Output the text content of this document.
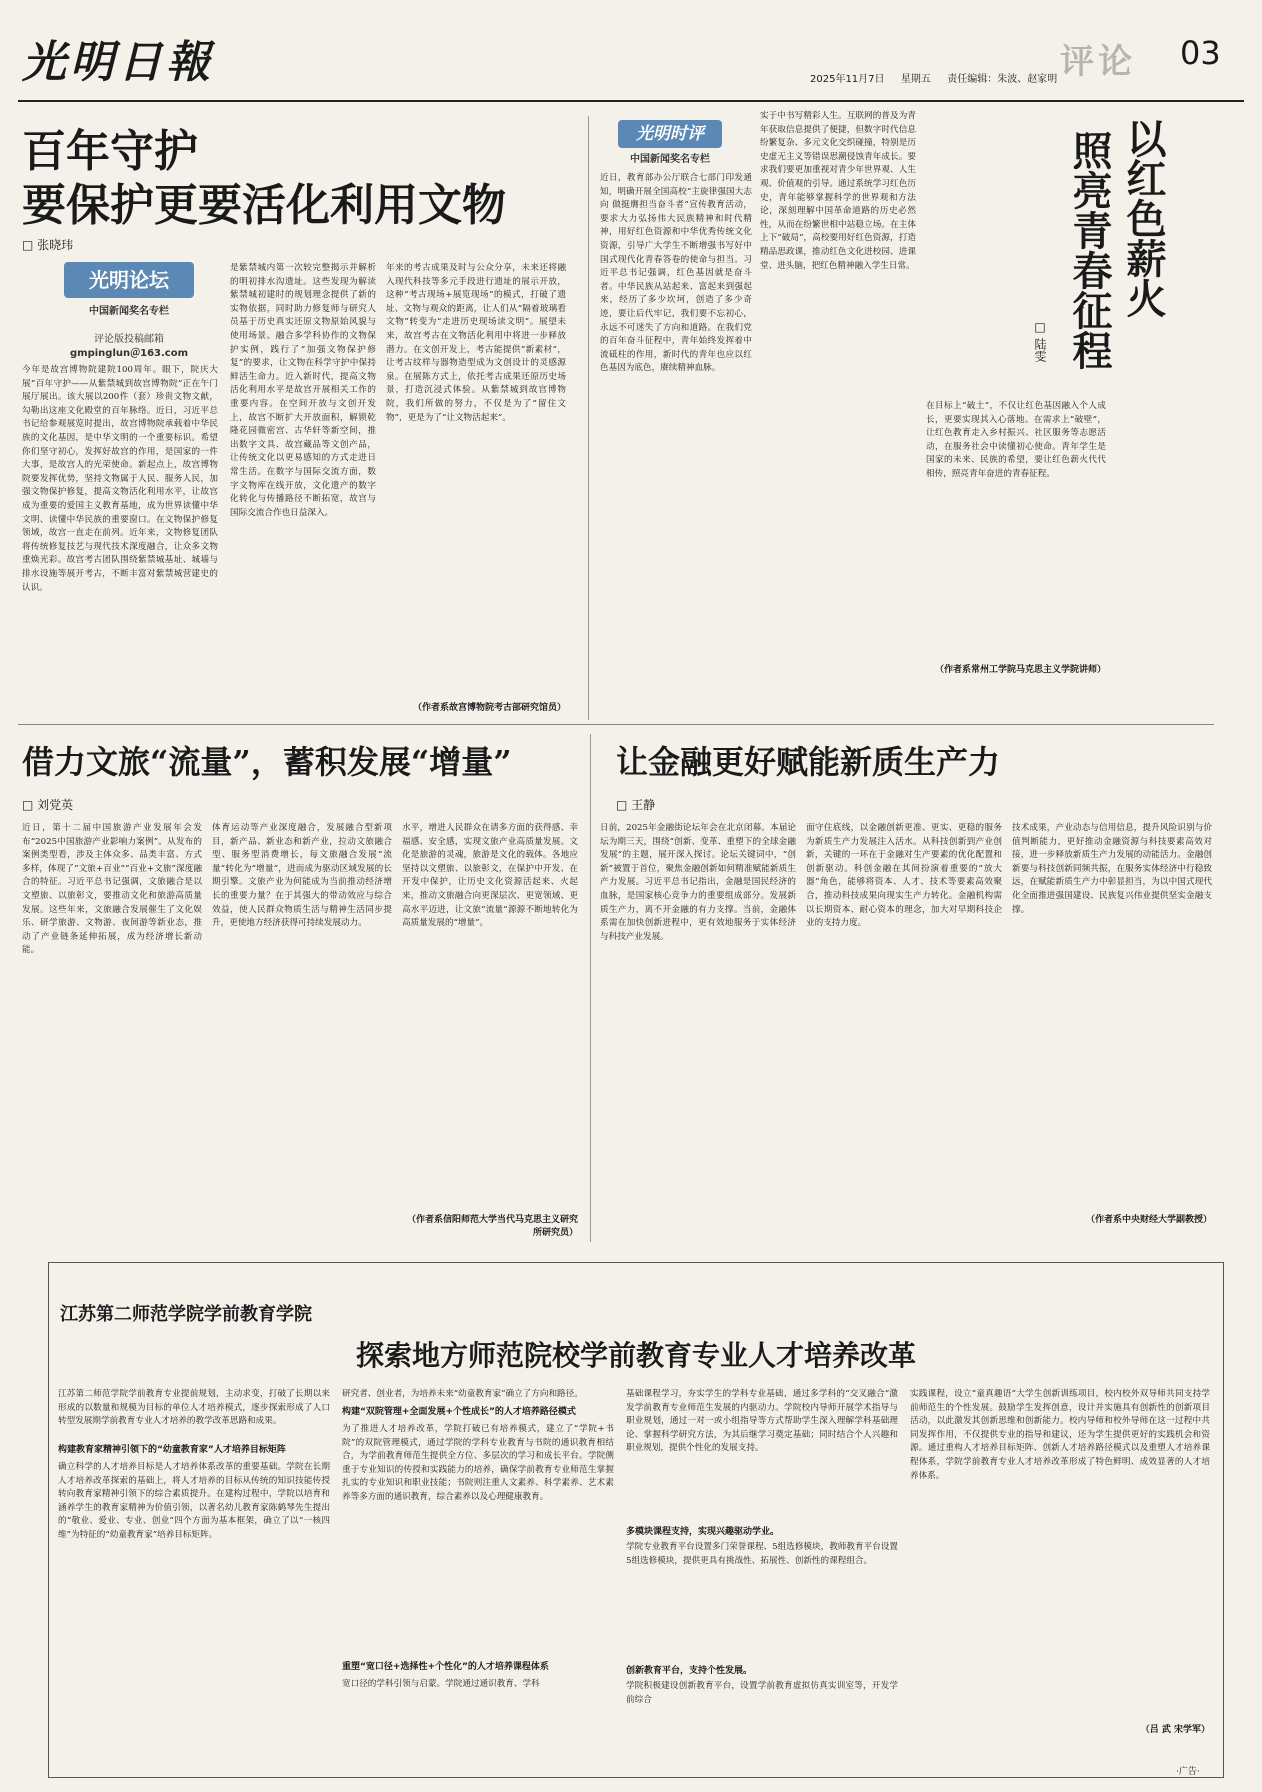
光明日報	2025年11月7日 　 星期五 　 责任编辑：朱波、赵家明 评论 03
百年守护
要保护更要活化利用文物
□ 张晓玮
光明论坛
中国新闻奖名专栏
评论版投稿邮箱
gmpinglun＠163.com
今年是故宫博物院建院100周年。眼下，院庆大展“百年守护——从紫禁城到故宫博物院”正在午门展厅展出。该大展以200件（套）珍贵文物文献，勾勒出这座文化殿堂的百年脉络。近日，习近平总书记给参观展览时提出，故宫博物院承载着中华民族的文化基因，是中华文明的一个重要标识。希望你们坚守初心，发挥好故宫的作用，是国家的一件大事，是故宫人的光荣使命。新起点上，故宫博物院要发挥优势，坚持文物属于人民、服务人民，加强文物保护修复，提高文物活化利用水平，让故宫成为重要的爱国主义教育基地，成为世界读懂中华文明、读懂中华民族的重要窗口。在文物保护修复领域，故宫一直走在前列。近年来，文物修复团队将传统修复技艺与现代技术深度融合，让众多文物重焕光彩。故宫考古团队围绕紫禁城基址、城墙与排水设施等展开考古，不断丰富对紫禁城营建史的认识。
是紫禁城内第一次较完整揭示并解析的明初排水沟遗址。这些发现为解读紫禁城初建时的规划理念提供了新的实物依据，同时助力修复师与研究人员基于历史真实还原文物原始风貌与使用场景。融合多学科协作的文物保护实例，践行了“加强文物保护修复”的要求，让文物在科学守护中保持鲜活生命力。近入新时代，提高文物活化利用水平是故宫开展相关工作的重要内容。在空间开放与文创开发上，故宫不断扩大开放面积，解锁乾隆花园微密宫、古华轩等新空间，推出数字文具、故宫藏品等文创产品，让传统文化以更易感知的方式走进日常生活。在数字与国际交流方面，数字文物库在线开放，文化遗产的数字化转化与传播路径不断拓宽，故宫与国际交流合作也日益深入。
年来的考古成果及时与公众分享，未来还将融入现代科技等多元手段进行遗址的展示开放，这种“考古现场+展览现场”的模式，打破了遗址、文物与观众的距离，让人们从“隔着玻璃看文物”转变为“走进历史现场读文明”。展望未来，故宫考古在文物活化利用中将进一步释放潜力。在文创开发上，考古能提供“新素材”，让考古纹样与器物造型成为文创设计的灵感源泉。在展陈方式上，依托考古成果还原历史场景，打造沉浸式体验。从紫禁城到故宫博物院，我们所做的努力，不仅是为了“留住文物”，更是为了“让文物活起来”。
（作者系故宫博物院考古部研究馆员）
光明时评
中国新闻奖名专栏
近日，教育部办公厅联合七部门印发通知，明确开展全国高校“主旋律强国大志向 做挺膺担当奋斗者”宣传教育活动，要求大力弘扬伟大民族精神和时代精神，用好红色资源和中华优秀传统文化资源，引导广大学生不断增强书写好中国式现代化青春答卷的使命与担当。习近平总书记强调，红色基因就是奋斗者。中华民族从站起来、富起来到强起来，经历了多少坎坷，创造了多少奇迹，要让后代牢记，我们要不忘初心，永远不可迷失了方向和道路。在我们党的百年奋斗征程中，青年始终发挥着中流砥柱的作用，新时代的青年也应以红色基因为底色，赓续精神血脉。
实于中书写精彩人生。互联网的普及为青年获取信息提供了便捷，但数字时代信息纷繁复杂、多元文化交织碰撞，特别是历史虚无主义等错误思潮侵蚀青年成长。要求我们要更加重视对青少年世界观、人生观、价值观的引导。通过系统学习红色历史，青年能够掌握科学的世界观和方法论，深刻理解中国革命道路的历史必然性，从而在纷繁世相中站稳立场。在主体上下“破局”，高校要用好红色资源，打造精品思政课，推动红色文化进校园、进课堂、进头脑，把红色精神融入学生日常。	以红色薪火
照亮青春征程
□ 陆雯
在目标上“破土”，不仅让红色基因融入个人成长，更要实现其入心落地。在需求上“破壁”，让红色教育走入乡村振兴、社区服务等志愿活动，在服务社会中读懂初心使命。青年学生是国家的未来、民族的希望，要让红色薪火代代相传，照亮青年奋进的青春征程。
（作者系常州工学院马克思主义学院讲师）
借力文旅“流量”，蓄积发展“增量”
□ 刘党英
近日，第十二届中国旅游产业发展年会发布“2025中国旅游产业影响力案例”。从发布的案例类型看，涉及主体众多、品类丰富、方式多样，体现了“文旅+百业”“百业+文旅”深度融合的特征。习近平总书记强调，文旅融合是以文塑旅、以旅彰文，要推动文化和旅游高质量发展。这些年来，文旅融合发展催生了文化娱乐、研学旅游、文物游、夜间游等新业态，推动了产业链条延伸拓展，成为经济增长新动能。
体育运动等产业深度融合，发展融合型新项目，新产品、新业态和新产业，拉动文旅融合型、服务型消费增长，每文旅融合发展“流量”转化为“增量”，进而成为驱动区域发展的长期引擎。文旅产业为何能成为当前推动经济增长的重要力量？在于其强大的带动效应与综合效益，使人民群众物质生活与精神生活同步提升，更使地方经济获得可持续发展动力。
水平，增进人民群众在请多方面的获得感、幸福感、安全感，实现文旅产业高质量发展。文化是旅游的灵魂，旅游是文化的载体。各地应坚持以文塑旅、以旅彰文，在保护中开发、在开发中保护，让历史文化资源活起来、火起来，推动文旅融合向更深层次、更宽领域、更高水平迈进，让文旅“流量”源源不断地转化为高质量发展的“增量”。
（作者系信阳师范大学当代马克思主义研究所研究员）
让金融更好赋能新质生产力
□ 王静
日前，2025年金融街论坛年会在北京闭幕。本届论坛为期三天，围绕“创新、变革、重塑下的全球金融发展”的主题，展开深入探讨。论坛关键词中，“创新”被置于首位，聚焦金融创新如何精准赋能新质生产力发展。习近平总书记指出，金融是国民经济的血脉，是国家核心竞争力的重要组成部分。发展新质生产力，离不开金融的有力支撑。当前，金融体系需在加快创新进程中，更有效地服务于实体经济与科技产业发展。
面守住底线，以金融创新更准、更实、更稳的服务为新质生产力发展注入活水。从科技创新到产业创新，关键的一环在于金融对生产要素的优化配置和创新驱动。科创金融在其间扮演着重要的“放大器”角色，能够将资本、人才、技术等要素高效聚合，推动科技成果向现实生产力转化。金融机构需以长期资本、耐心资本的理念，加大对早期科技企业的支持力度。
技术成果，产业动态与信用信息，提升风险识别与价值判断能力，更好推动金融资源与科技要素高效对接，进一步释放新质生产力发展的动能活力。金融创新要与科技创新同频共振，在服务实体经济中行稳致远，在赋能新质生产力中彰显担当，为以中国式现代化全面推进强国建设、民族复兴伟业提供坚实金融支撑。
（作者系中央财经大学副教授）
江苏第二师范学院学前教育学院
探索地方师范院校学前教育专业人才培养改革
江苏第二师范学院学前教育专业提前规划，主动求变，打破了长期以来形成的以数量和规模为目标的单位人才培养模式，逐步探索形成了人口转型发展期学前教育专业人才培养的教学改革思路和成果。
构建教育家精神引领下的“幼童教育家”人才培养目标矩阵
确立科学的人才培养目标是人才培养体系改革的重要基础。学院在长期人才培养改革探索的基础上，将人才培养的目标从传统的知识技能传授转向教育家精神引领下的综合素质提升。在建构过程中，学院以培育和涵养学生的教育家精神为价值引领，以著名幼儿教育家陈鹤琴先生提出的“敬业、爱业、专业、创业”四个方面为基本框架，确立了以“一核四维”为特征的“幼童教育家”培养目标矩阵。
研究者、创业者，为培养未来“幼童教育家”确立了方向和路径。
构建“双院管理+全面发展+个性成长”的人才培养路径模式
为了推进人才培养改革，学院打破已有培养模式，建立了“学院+书院”的双院管理模式，通过学院的学科专业教育与书院的通识教育相结合，为学前教育师范生提供全方位、多层次的学习和成长平台。学院侧重于专业知识的传授和实践能力的培养，确保学前教育专业师范生掌握扎实的专业知识和职业技能；书院则注重人文素养、科学素养、艺术素养等多方面的通识教育，综合素养以及心理健康教育。
重塑“宽口径+选择性+个性化”的人才培养课程体系
宽口径的学科引领与启蒙。学院通过通识教育、学科
基础课程学习，夯实学生的学科专业基础，通过多学科的“交叉融合”激发学前教育专业师范生发展的内驱动力。学院校内导师开展学术指导与职业规划，通过一对一或小组指导等方式帮助学生深入理解学科基础理论、掌握科学研究方法，为其后继学习奠定基础；同时结合个人兴趣和职业规划，提供个性化的发展支持。
多模块课程支持，实现兴趣驱动学业。
学院专业教育平台设置多门荣誉课程、5组选修模块，教师教育平台设置5组选修模块，提供更具有挑战性、拓展性、创新性的课程组合。
创新教育平台，支持个性发展。
学院积极建设创新教育平台，设置学前教育虚拟仿真实训室等，开发学前综合
实践课程，设立“童真趣语”大学生创新训练项目，校内校外双导师共同支持学前师范生的个性发展。鼓励学生发挥创意，设计并实施具有创新性的创新项目活动，以此激发其创新思维和创新能力。校内导师和校外导师在这一过程中共同发挥作用，不仅提供专业的指导和建议，还为学生提供更好的实践机会和资源。通过重构人才培养目标矩阵、创新人才培养路径模式以及重塑人才培养课程体系，学院学前教育专业人才培养改革形成了特色鲜明、成效显著的人才培养体系。
（吕 武 宋学军）
·广告·
